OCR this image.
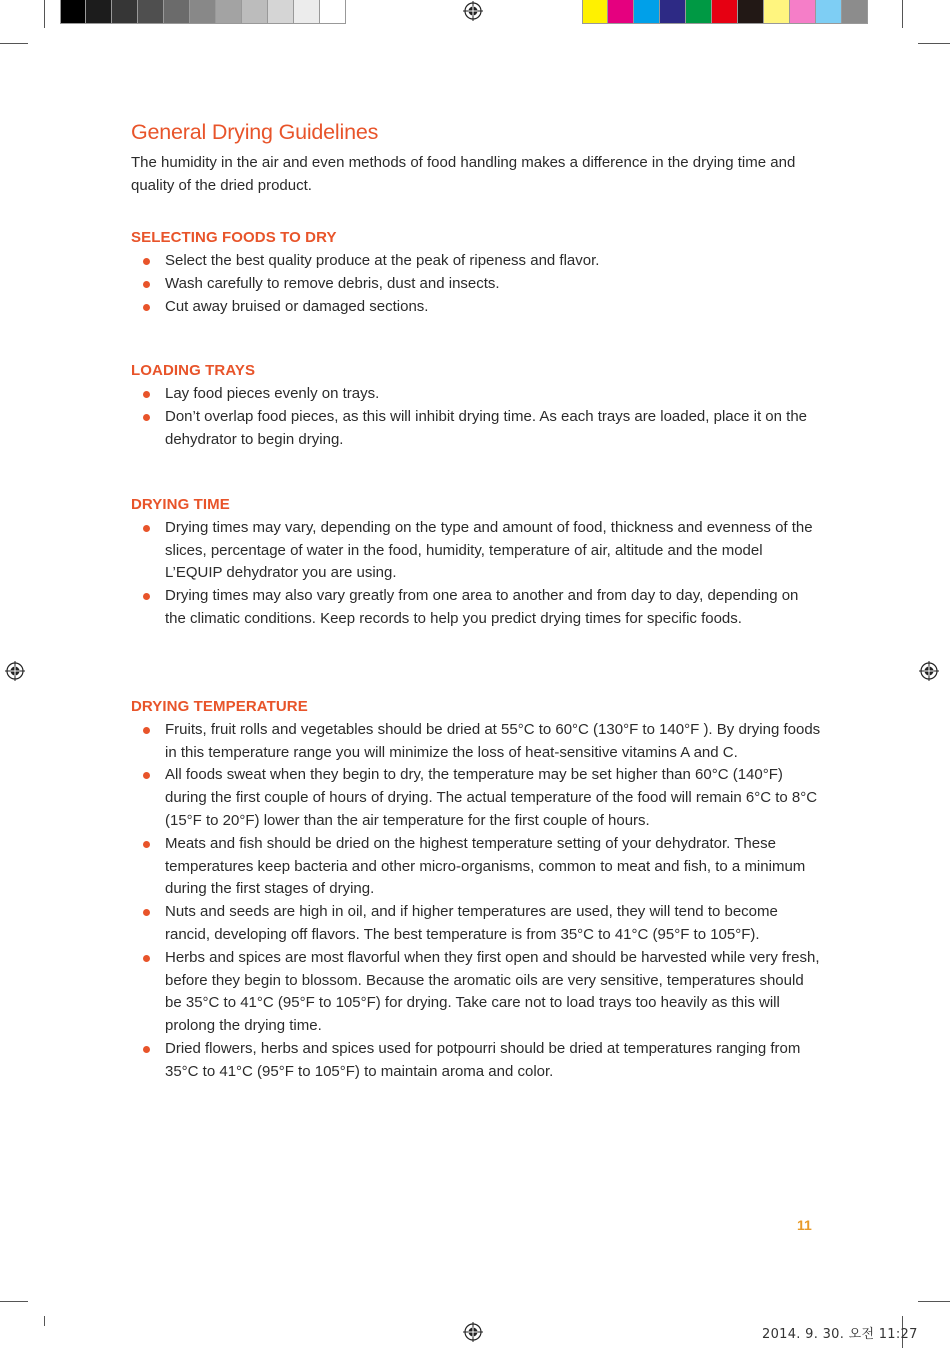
General Drying Guidelines

The humidity in the air and even methods of food handling makes a difference in the drying time and quality of the dried product.

SELECTING FOODS TO DRY
Select the best quality produce at the peak of ripeness and flavor.
Wash carefully to remove debris, dust and insects.
Cut away bruised or damaged sections.
LOADING TRAYS
Lay food pieces evenly on trays.
Don’t overlap food pieces, as this will inhibit drying time. As each trays are loaded, place it on the dehydrator to begin drying.
DRYING TIME
Drying times may vary, depending on the type and amount of food, thickness and evenness of the slices, percentage of water in the food, humidity, temperature of air, altitude and the model L’EQUIP dehydrator you are using.
Drying times may also vary greatly from one area to another and from day to day, depending on the climatic conditions. Keep records to help you predict drying times for specific foods.
DRYING TEMPERATURE
Fruits, fruit rolls and vegetables should be dried at 55°C to 60°C (130°F to 140°F ). By drying foods in this temperature range you will minimize the loss of heat-sensitive vitamins A and C.
All foods sweat when they begin to dry, the temperature may be set higher than 60°C (140°F) during the first couple of hours of drying. The actual temperature of the food will remain 6°C to 8°C (15°F to 20°F) lower than the air temperature for the first couple of hours.
Meats and fish should be dried on the highest temperature setting of your dehydrator. These temperatures keep bacteria and other micro-organisms, common to meat and fish, to a minimum during the first stages of drying.
Nuts and seeds are high in oil, and if higher temperatures are used, they will tend to become rancid, developing off flavors. The best temperature is from 35°C to 41°C (95°F to 105°F).
Herbs and spices are most flavorful when they first open and should be harvested while very fresh, before they begin to blossom. Because the aromatic oils are very sensitive, temperatures should be 35°C to 41°C (95°F to 105°F) for drying. Take care not to load trays too heavily as this will prolong the drying time.
Dried flowers, herbs and spices used for potpourri should be dried at temperatures ranging from 35°C to 41°C (95°F to 105°F) to maintain aroma and color.
11
2014. 9. 30. 오전 11:27
